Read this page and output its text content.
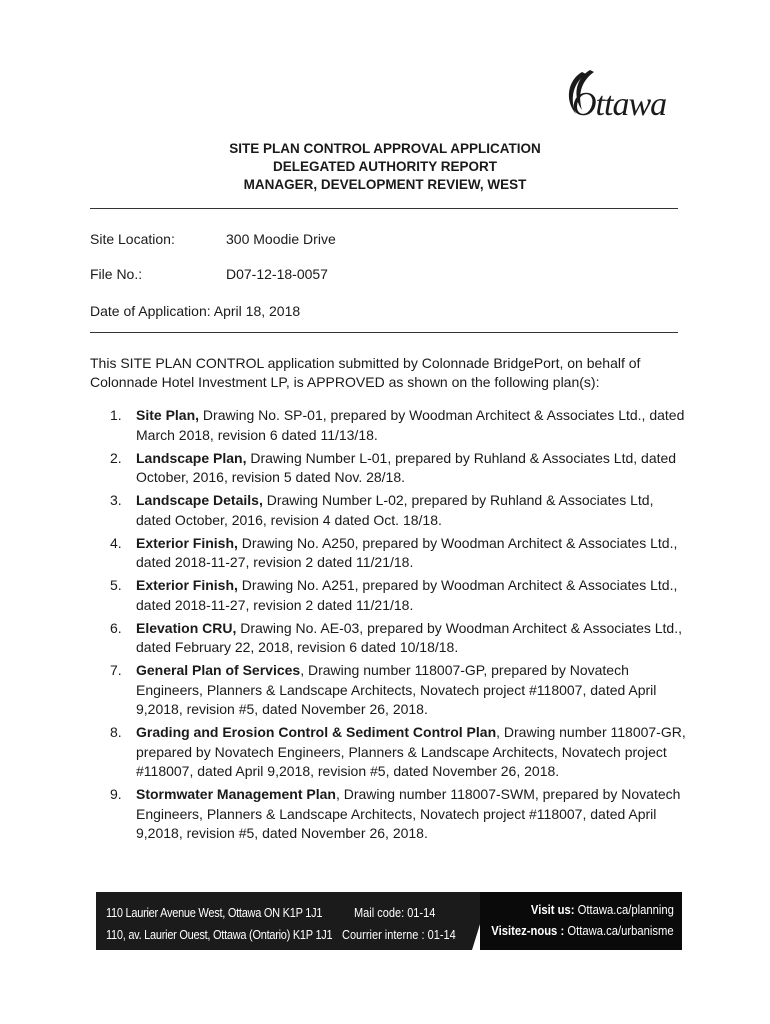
Ottawa
SITE PLAN CONTROL APPROVAL APPLICATION
DELEGATED AUTHORITY REPORT
MANAGER, DEVELOPMENT REVIEW, WEST
Site Location:	300 Moodie Drive
File No.:	D07-12-18-0057
Date of Application: April 18, 2018
This SITE PLAN CONTROL application submitted by Colonnade BridgePort, on behalf of Colonnade Hotel Investment LP, is APPROVED as shown on the following plan(s):
1. Site Plan, Drawing No. SP-01, prepared by Woodman Architect & Associates Ltd., dated March 2018, revision 6 dated 11/13/18.
2. Landscape Plan, Drawing Number L-01, prepared by Ruhland & Associates Ltd, dated October, 2016, revision 5 dated Nov. 28/18.
3. Landscape Details, Drawing Number L-02, prepared by Ruhland & Associates Ltd, dated October, 2016, revision 4 dated Oct. 18/18.
4. Exterior Finish, Drawing No. A250, prepared by Woodman Architect & Associates Ltd., dated 2018-11-27, revision 2 dated 11/21/18.
5. Exterior Finish, Drawing No. A251, prepared by Woodman Architect & Associates Ltd., dated 2018-11-27, revision 2 dated 11/21/18.
6. Elevation CRU, Drawing No. AE-03, prepared by Woodman Architect & Associates Ltd., dated February 22, 2018, revision 6 dated 10/18/18.
7. General Plan of Services, Drawing number 118007-GP, prepared by Novatech Engineers, Planners & Landscape Architects, Novatech project #118007, dated April 9,2018, revision #5, dated November 26, 2018.
8. Grading and Erosion Control & Sediment Control Plan, Drawing number 118007-GR, prepared by Novatech Engineers, Planners & Landscape Architects, Novatech project #118007, dated April 9,2018, revision #5, dated November 26, 2018.
9. Stormwater Management Plan, Drawing number 118007-SWM, prepared by Novatech Engineers, Planners & Landscape Architects, Novatech project #118007, dated April 9,2018, revision #5, dated November 26, 2018.
110 Laurier Avenue West, Ottawa ON K1P 1J1	Mail code: 01-14
110, av. Laurier Ouest, Ottawa (Ontario) K1P 1J1 Courrier interne : 01-14
Visit us: Ottawa.ca/planning
Visitez-nous : Ottawa.ca/urbanisme
